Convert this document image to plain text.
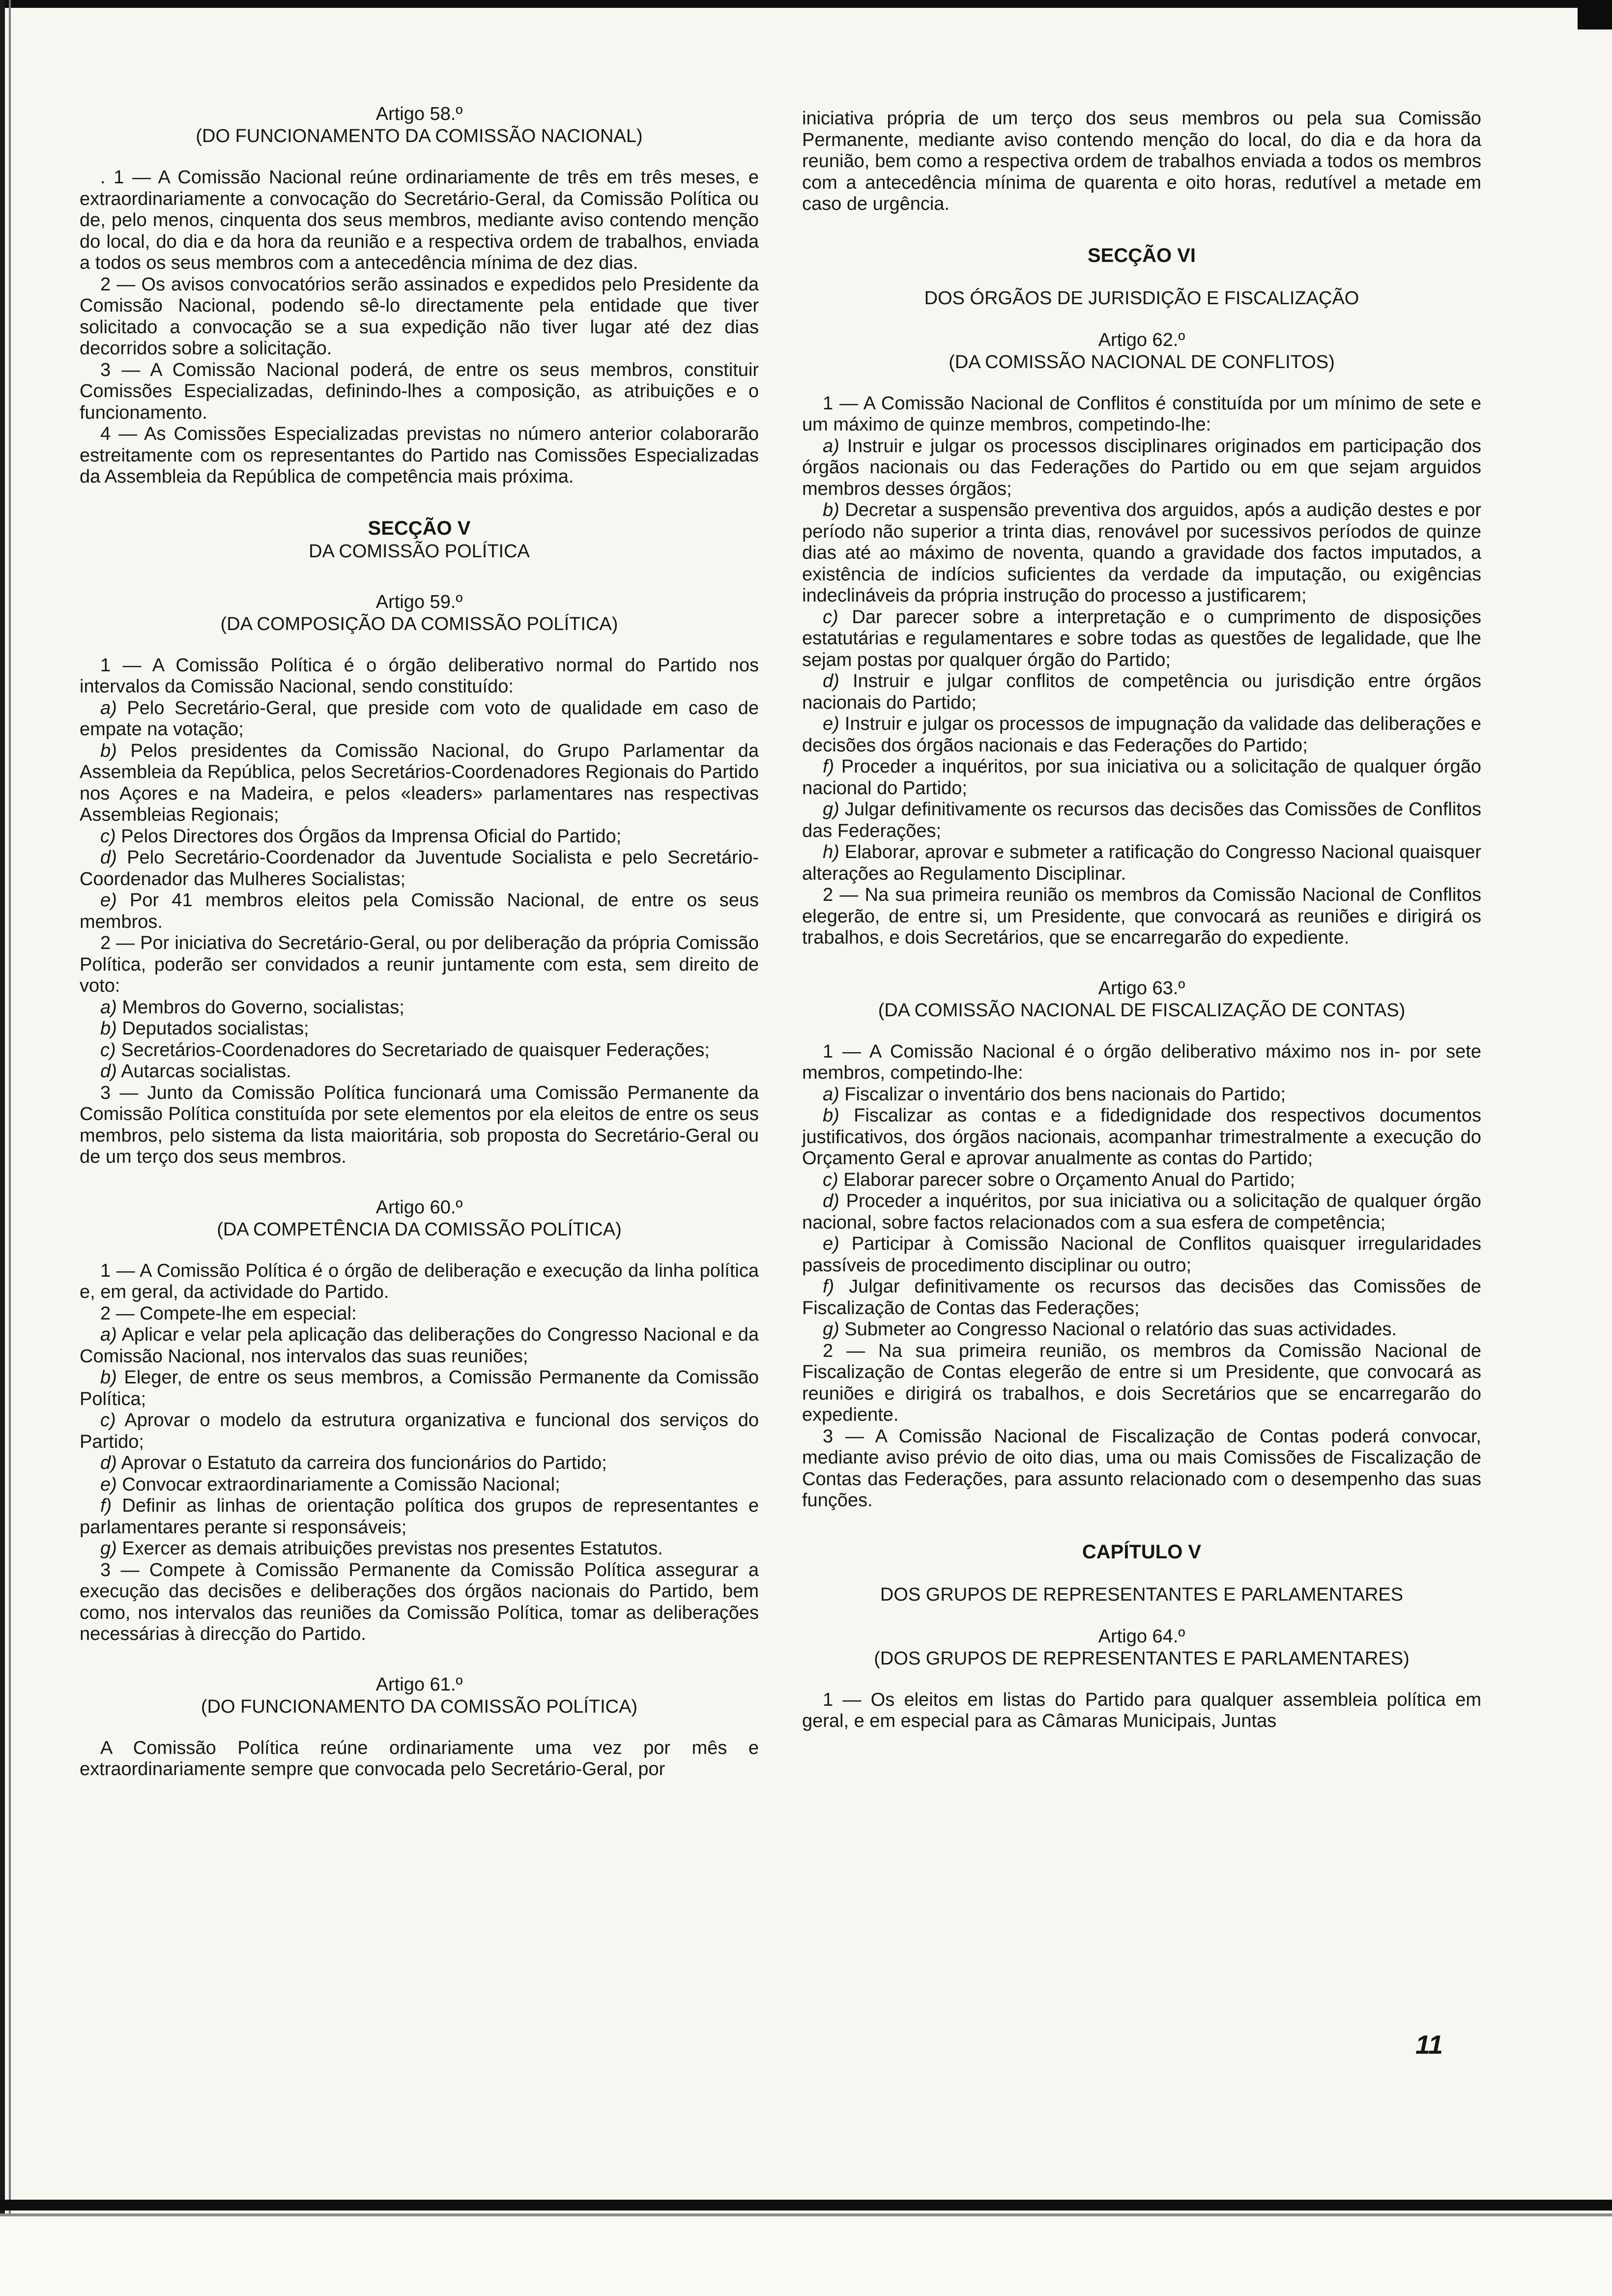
Artigo 58.º
(DO FUNCIONAMENTO DA COMISSÃO NACIONAL)

. 1 — A Comissão Nacional reúne ordinariamente de três em três meses, e extraordinariamente a convocação do Secretário-Geral, da Comissão Política ou de, pelo menos, cinquenta dos seus membros, mediante aviso contendo menção do local, do dia e da hora da reunião e a respectiva ordem de trabalhos, enviada a todos os seus membros com a antecedência mínima de dez dias.

2 — Os avisos convocatórios serão assinados e expedidos pelo Presidente da Comissão Nacional, podendo sê-lo directamente pela entidade que tiver solicitado a convocação se a sua expedição não tiver lugar até dez dias decorridos sobre a solicitação.

3 — A Comissão Nacional poderá, de entre os seus membros, constituir Comissões Especializadas, definindo-lhes a composição, as atribuições e o funcionamento.

4 — As Comissões Especializadas previstas no número anterior colaborarão estreitamente com os representantes do Partido nas Comissões Especializadas da Assembleia da República de competência mais próxima.

SECÇÃO V

DA COMISSÃO POLÍTICA

Artigo 59.º
(DA COMPOSIÇÃO DA COMISSÃO POLÍTICA)

1 — A Comissão Política é o órgão deliberativo normal do Partido nos intervalos da Comissão Nacional, sendo constituído:

a) Pelo Secretário-Geral, que preside com voto de qualidade em caso de empate na votação;

b) Pelos presidentes da Comissão Nacional, do Grupo Parlamentar da Assembleia da República, pelos Secretários-Coordenadores Regionais do Partido nos Açores e na Madeira, e pelos «leaders» parlamentares nas respectivas Assembleias Regionais;

c) Pelos Directores dos Órgãos da Imprensa Oficial do Partido;

d) Pelo Secretário-Coordenador da Juventude Socialista e pelo Secretário-Coordenador das Mulheres Socialistas;

e) Por 41 membros eleitos pela Comissão Nacional, de entre os seus membros.

2 — Por iniciativa do Secretário-Geral, ou por deliberação da própria Comissão Política, poderão ser convidados a reunir juntamente com esta, sem direito de voto:

a) Membros do Governo, socialistas;

b) Deputados socialistas;

c) Secretários-Coordenadores do Secretariado de quaisquer Federações;

d) Autarcas socialistas.

3 — Junto da Comissão Política funcionará uma Comissão Permanente da Comissão Política constituída por sete elementos por ela eleitos de entre os seus membros, pelo sistema da lista maioritária, sob proposta do Secretário-Geral ou de um terço dos seus membros.

Artigo 60.º
(DA COMPETÊNCIA DA COMISSÃO POLÍTICA)

1 — A Comissão Política é o órgão de deliberação e execução da linha política e, em geral, da actividade do Partido.

2 — Compete-lhe em especial:

a) Aplicar e velar pela aplicação das deliberações do Congresso Nacional e da Comissão Nacional, nos intervalos das suas reuniões;

b) Eleger, de entre os seus membros, a Comissão Permanente da Comissão Política;

c) Aprovar o modelo da estrutura organizativa e funcional dos serviços do Partido;

d) Aprovar o Estatuto da carreira dos funcionários do Partido;

e) Convocar extraordinariamente a Comissão Nacional;

f) Definir as linhas de orientação política dos grupos de representantes e parlamentares perante si responsáveis;

g) Exercer as demais atribuições previstas nos presentes Estatutos.

3 — Compete à Comissão Permanente da Comissão Política assegurar a execução das decisões e deliberações dos órgãos nacionais do Partido, bem como, nos intervalos das reuniões da Comissão Política, tomar as deliberações necessárias à direcção do Partido.

Artigo 61.º
(DO FUNCIONAMENTO DA COMISSÃO POLÍTICA)

A Comissão Política reúne ordinariamente uma vez por mês e extraordinariamente sempre que convocada pelo Secretário-Geral, por

iniciativa própria de um terço dos seus membros ou pela sua Comissão Permanente, mediante aviso contendo menção do local, do dia e da hora da reunião, bem como a respectiva ordem de trabalhos enviada a todos os membros com a antecedência mínima de quarenta e oito horas, redutível a metade em caso de urgência.

SECÇÃO VI

DOS ÓRGÃOS DE JURISDIÇÃO E FISCALIZAÇÃO

Artigo 62.º
(DA COMISSÃO NACIONAL DE CONFLITOS)

1 — A Comissão Nacional de Conflitos é constituída por um mínimo de sete e um máximo de quinze membros, competindo-lhe:

a) Instruir e julgar os processos disciplinares originados em participação dos órgãos nacionais ou das Federações do Partido ou em que sejam arguidos membros desses órgãos;

b) Decretar a suspensão preventiva dos arguidos, após a audição destes e por período não superior a trinta dias, renovável por sucessivos períodos de quinze dias até ao máximo de noventa, quando a gravidade dos factos imputados, a existência de indícios suficientes da verdade da imputação, ou exigências indeclináveis da própria instrução do processo a justificarem;

c) Dar parecer sobre a interpretação e o cumprimento de disposições estatutárias e regulamentares e sobre todas as questões de legalidade, que lhe sejam postas por qualquer órgão do Partido;

d) Instruir e julgar conflitos de competência ou jurisdição entre órgãos nacionais do Partido;

e) Instruir e julgar os processos de impugnação da validade das deliberações e decisões dos órgãos nacionais e das Federações do Partido;

f) Proceder a inquéritos, por sua iniciativa ou a solicitação de qualquer órgão nacional do Partido;

g) Julgar definitivamente os recursos das decisões das Comissões de Conflitos das Federações;

h) Elaborar, aprovar e submeter a ratificação do Congresso Nacional quaisquer alterações ao Regulamento Disciplinar.

2 — Na sua primeira reunião os membros da Comissão Nacional de Conflitos elegerão, de entre si, um Presidente, que convocará as reuniões e dirigirá os trabalhos, e dois Secretários, que se encarregarão do expediente.

Artigo 63.º
(DA COMISSÃO NACIONAL DE FISCALIZAÇÃO DE CONTAS)

1 — A Comissão Nacional é o órgão deliberativo máximo nos in- por sete membros, competindo-lhe:

a) Fiscalizar o inventário dos bens nacionais do Partido;

b) Fiscalizar as contas e a fidedignidade dos respectivos documentos justificativos, dos órgãos nacionais, acompanhar trimestralmente a execução do Orçamento Geral e aprovar anualmente as contas do Partido;

c) Elaborar parecer sobre o Orçamento Anual do Partido;

d) Proceder a inquéritos, por sua iniciativa ou a solicitação de qualquer órgão nacional, sobre factos relacionados com a sua esfera de competência;

e) Participar à Comissão Nacional de Conflitos quaisquer irregularidades passíveis de procedimento disciplinar ou outro;

f) Julgar definitivamente os recursos das decisões das Comissões de Fiscalização de Contas das Federações;

g) Submeter ao Congresso Nacional o relatório das suas actividades.

2 — Na sua primeira reunião, os membros da Comissão Nacional de Fiscalização de Contas elegerão de entre si um Presidente, que convocará as reuniões e dirigirá os trabalhos, e dois Secretários que se encarregarão do expediente.

3 — A Comissão Nacional de Fiscalização de Contas poderá convocar, mediante aviso prévio de oito dias, uma ou mais Comissões de Fiscalização de Contas das Federações, para assunto relacionado com o desempenho das suas funções.

CAPÍTULO V

DOS GRUPOS DE REPRESENTANTES E PARLAMENTARES

Artigo 64.º
(DOS GRUPOS DE REPRESENTANTES E PARLAMENTARES)

1 — Os eleitos em listas do Partido para qualquer assembleia política em geral, e em especial para as Câmaras Municipais, Juntas

11
